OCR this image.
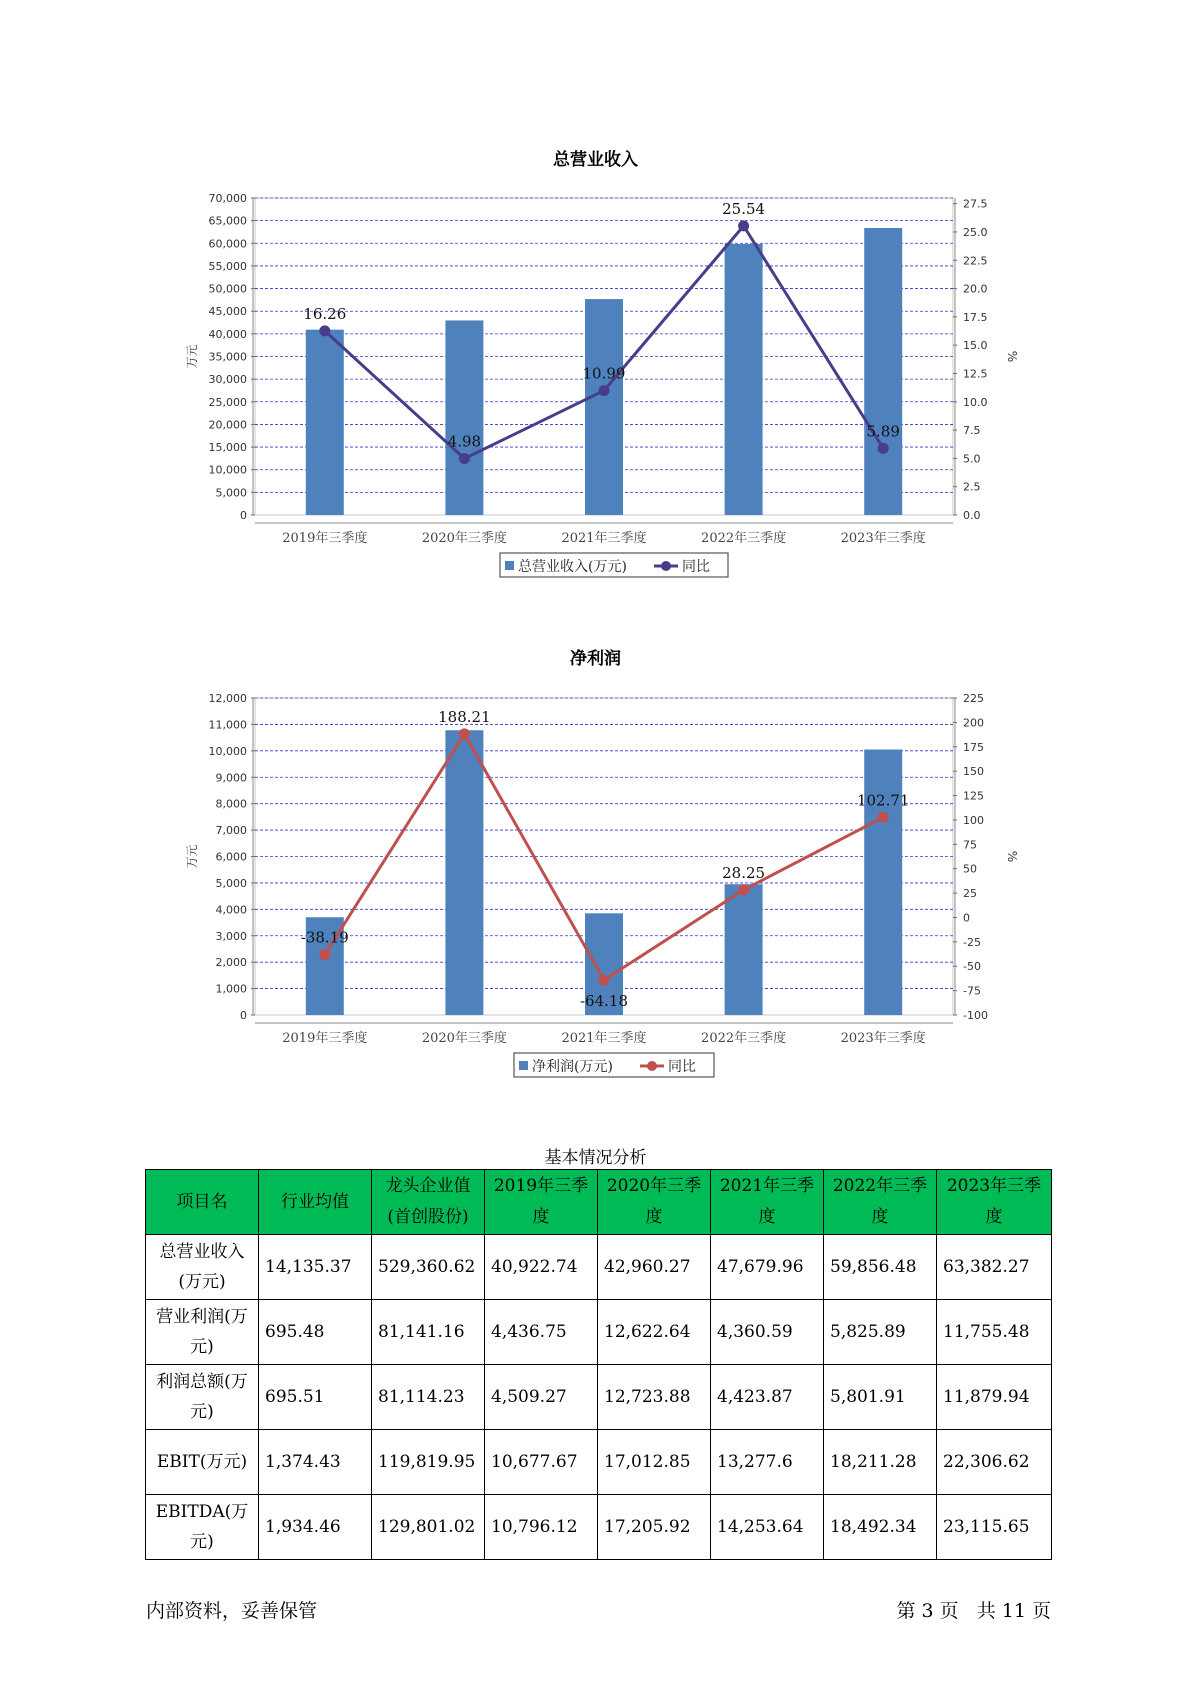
总营业收入
0
5,000
10,000
15,000
20,000
25,000
30,000
35,000
40,000
45,000
50,000
55,000
60,000
65,000
70,000
0.0
2.5
5.0
7.5
10.0
12.5
15.0
17.5
20.0
22.5
25.0
27.5
万元	%
2019年三季度	2020年三季度	2021年三季度	2022年三季度	2023年三季度
16.26
4.98
10.99
25.54
5.89
总营业收入(万元)	同比
净利润
0
1,000
2,000
3,000
4,000
5,000
6,000
7,000
8,000
9,000
10,000
11,000
12,000
-100
-75
-50
-25
0
25
50
75
100
125
150
175
200
225
万元	%
2019年三季度	2020年三季度	2021年三季度	2022年三季度	2023年三季度
-38.19
188.21
-64.18
28.25
102.71
净利润(万元)	同比
基本情况分析
项目名	行业均值	龙头企业值(首创股份)	2019年三季度	2020年三季度	2021年三季度	2022年三季度	2023年三季度
总营业收入(万元)	14,135.37	529,360.62	40,922.74	42,960.27	47,679.96	59,856.48	63,382.27
营业利润(万元)	695.48	81,141.16	4,436.75	12,622.64	4,360.59	5,825.89	11,755.48
利润总额(万元)	695.51	81,114.23	4,509.27	12,723.88	4,423.87	5,801.91	11,879.94
EBIT(万元)	1,374.43	119,819.95	10,677.67	17,012.85	13,277.6	18,211.28	22,306.62
EBITDA(万元)	1,934.46	129,801.02	10,796.12	17,205.92	14,253.64	18,492.34	23,115.65
内部资料，妥善保管	第 3 页   共 11 页
